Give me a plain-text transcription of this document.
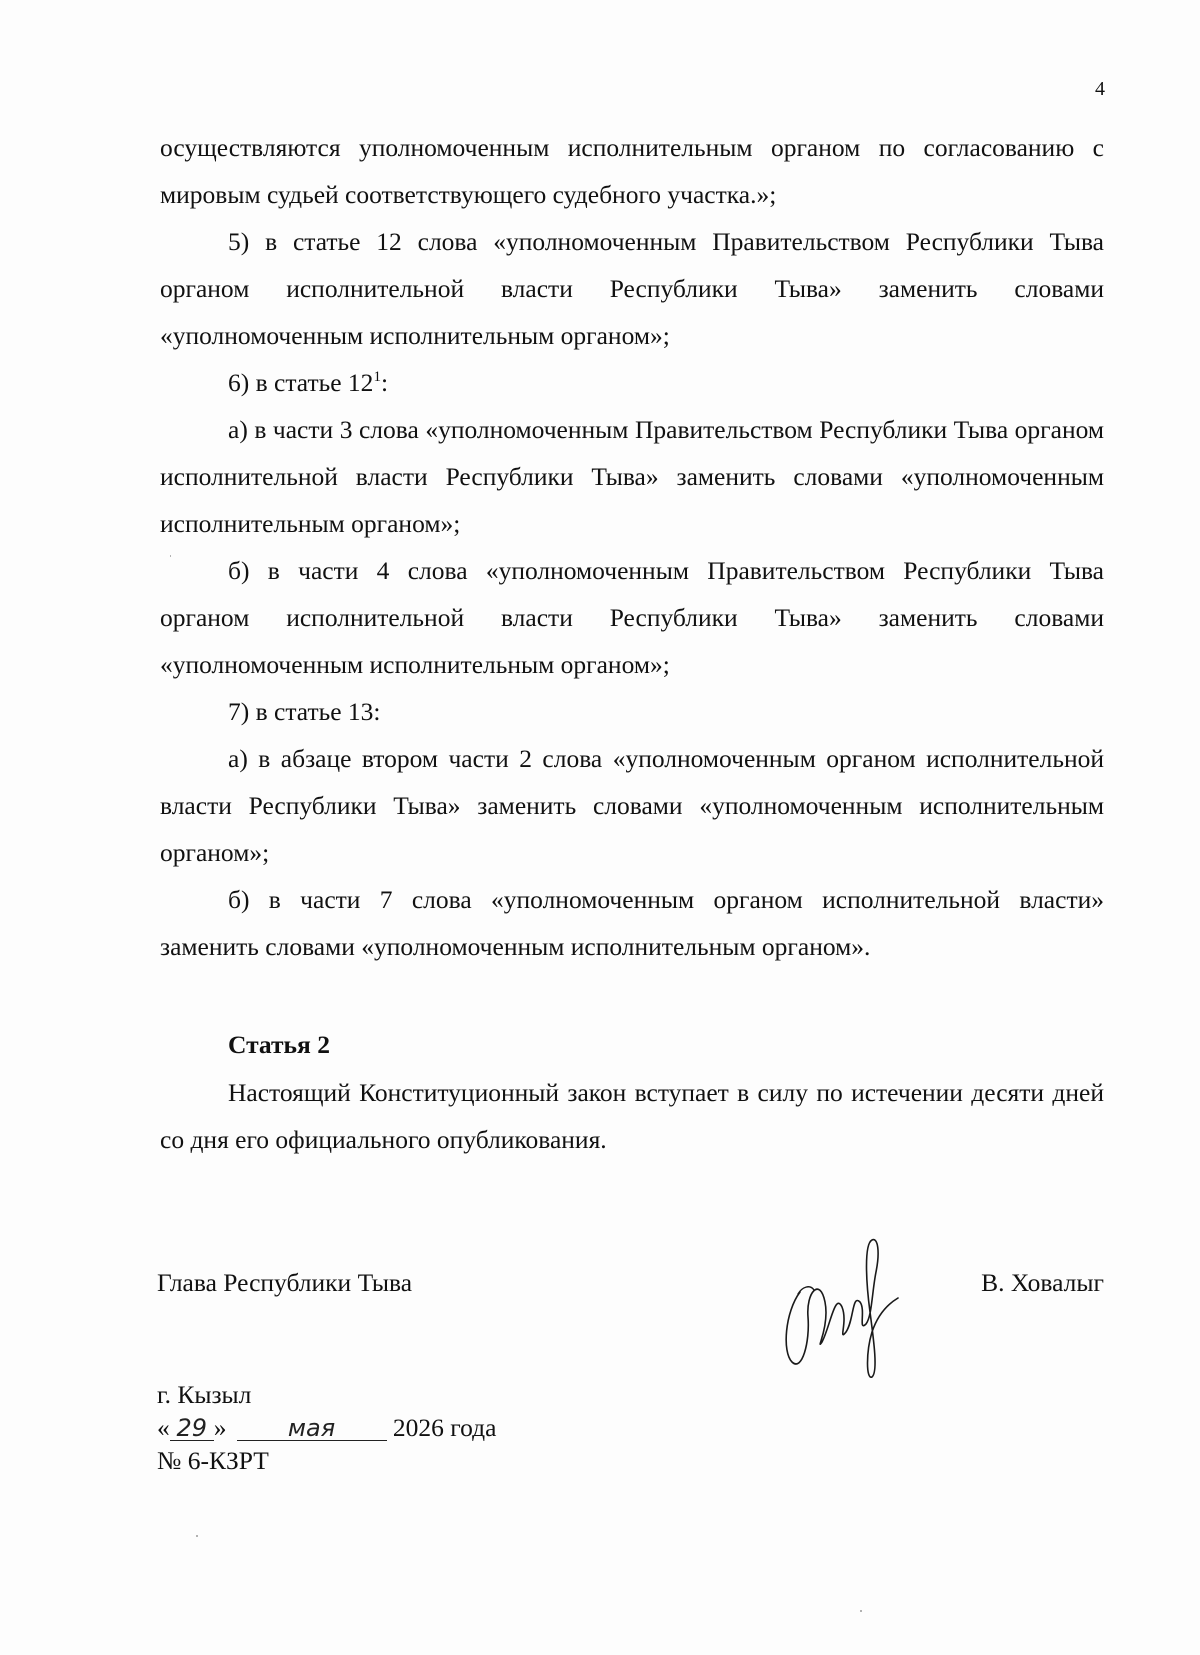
4

осуществляются уполномоченным исполнительным органом по согласованию с мировым судьей соответствующего судебного участка.»;

5) в статье 12 слова «уполномоченным Правительством Республики Тыва органом исполнительной власти Республики Тыва» заменить словами «уполномоченным исполнительным органом»;

6) в статье $12^1$:

а) в части 3 слова «уполномоченным Правительством Республики Тыва органом исполнительной власти Республики Тыва» заменить словами «уполномоченным исполнительным органом»;

б) в части 4 слова «уполномоченным Правительством Республики Тыва органом исполнительной власти Республики Тыва» заменить словами «уполномоченным исполнительным органом»;

7) в статье 13:

а) в абзаце втором части 2 слова «уполномоченным органом исполнительной власти Республики Тыва» заменить словами «уполномоченным исполнительным органом»;

б) в части 7 слова «уполномоченным органом исполнительной власти» заменить словами «уполномоченным исполнительным органом».

Статья 2

Настоящий Конституционный закон вступает в силу по истечении десяти дней со дня его официального опубликования.

Глава Республики Тыва	В. Ховалыг
г. Кызыл
« 29 »	мая 2026 года
№ 6-КЗРТ
